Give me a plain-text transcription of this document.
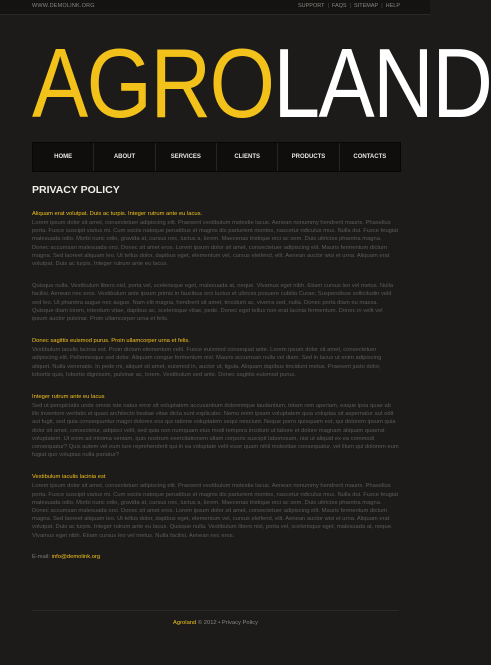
WWW.DEMOLINK.ORG	SUPPORT | FAQS | SITEMAP | HELP
AGROLAND
HOME	ABOUT	SERVICES	CLIENTS	PRODUCTS	CONTACTS
PRIVACY POLICY

Aliquam erat volutpat. Duis ac turpis. Integer rutrum ante eu lacus.

Lorem ipsum dolor sit amet, consectetuer adipiscing elit. Praesent vestibulum molestie lacus. Aenean nonummy hendrerit mauris. Phasellus porta. Fusce suscipit varius mi. Cum sociis natoque penatibus et magnis dis parturient montes, nascetur ridiculus mus. Nulla dui. Fusce feugiat malesuada odio. Morbi nunc odio, gravida at, cursus nec, luctus a, lorem. Maecenas tristique orci ac sem. Duis ultricies pharetra magna. Donec accumsan malesuada orci. Donec sit amet eros. Lorem ipsum dolor sit amet, consectetuer adipiscing elit. Mauris fermentum dictum magna. Sed laoreet aliquam leo. Ut tellus dolor, dapibus eget, elementum vel, cursus eleifend, elit. Aenean auctor wisi et urna. Aliquam erat volutpat. Duis ac turpis. Integer rutrum ante eu lacus.

Quisque nulla. Vestibulum libero nisl, porta vel, scelerisque eget, malesuada at, neque. Vivamus eget nibh. Etiam cursus leo vel metus. Nulla facilisi. Aenean nec eros. Vestibulum ante ipsum primis in faucibus orci luctus et ultrices posuere cubilia Curae; Suspendisse sollicitudin velit sed leo. Ut pharetra augue nec augue. Nam elit magna, hendrerit sit amet, tincidunt ac, viverra sed, nulla. Donec porta diam eu massa. Quisque diam lorem, interdum vitae, dapibus ac, scelerisque vitae, pede. Donec eget tellus non erat lacinia fermentum. Donec in velit vel ipsum auctor pulvinar. Proin ullamcorper urna et felis.

Donec sagittis euismod purus. Proin ullamcorper urna et felis.

Vestibulum iaculis lacinia est. Proin dictum elementum velit. Fusce euismod consequat ante. Lorem ipsum dolor sit amet, consectetuer adipiscing elit. Pellentesque sed dolor. Aliquam congue fermentum nisl. Mauris accumsan nulla vel diam. Sed in lacus ut enim adipiscing aliquet. Nulla venenatis. In pede mi, aliquet sit amet, euismod in, auctor ut, ligula. Aliquam dapibus tincidunt metus. Praesent justo dolor, lobortis quis, lobortis dignissim, pulvinar ac, lorem. Vestibulum sed ante. Donec sagittis euismod purus.

Integer rutrum ante eu lacus

Sed ut perspiciatis unde omnis iste natus error sit voluptatem accusantium doloremque laudantium, totam rem aperiam, eaque ipsa quae ab illo inventore veritatis et quasi architecto beatae vitae dicta sunt explicabo. Nemo enim ipsam voluptatem quia voluptas sit aspernatur aut odit aut fugit, sed quia consequuntur magni dolores eos qui ratione voluptatem sequi nesciunt. Neque porro quisquam est, qui dolorem ipsum quia dolor sit amet, consectetur, adipisci velit, sed quia non numquam eius modi tempora incidunt ut labore et dolore magnam aliquam quaerat voluptatem. Ut enim ad minima veniam, quis nostrum exercitationem ullam corporis suscipit laboriosam, nisi ut aliquid ex ea commodi consequatur? Quis autem vel eum iure reprehenderit qui in ea voluptate velit esse quam nihil molestiae consequatur, vel illum qui dolorem eum fugiat quo voluptas nulla pariatur?

Vestibulum iaculis lacinia est

Lorem ipsum dolor sit amet, consectetuer adipiscing elit. Praesent vestibulum molestie lacus. Aenean nonummy hendrerit mauris. Phasellus porta. Fusce suscipit varius mi. Cum sociis natoque penatibus et magnis dis parturient montes, nascetur ridiculus mus. Nulla dui. Fusce feugiat malesuada odio. Morbi nunc odio, gravida at, cursus nec, luctus a, lorem. Maecenas tristique orci ac sem. Duis ultricies pharetra magna. Donec accumsan malesuada orci. Donec sit amet eros. Lorem ipsum dolor sit amet, consectetuer adipiscing elit. Mauris fermentum dictum magna. Sed laoreet aliquam leo. Ut tellus dolor, dapibus eget, elementum vel, cursus eleifend, elit. Aenean auctor wisi et urna. Aliquam erat volutpat. Duis ac turpis. Integer rutrum ante eu lacus. Quisque nulla. Vestibulum libero nisl, porta vel, scelerisque eget, malesuada at, neque. Vivamus eget nibh. Etiam cursus leo vel metus. Nulla facilisi. Aenean nec eros.

E-mail: info@demolink.org
Agroland © 2012 • Privacy Policy
